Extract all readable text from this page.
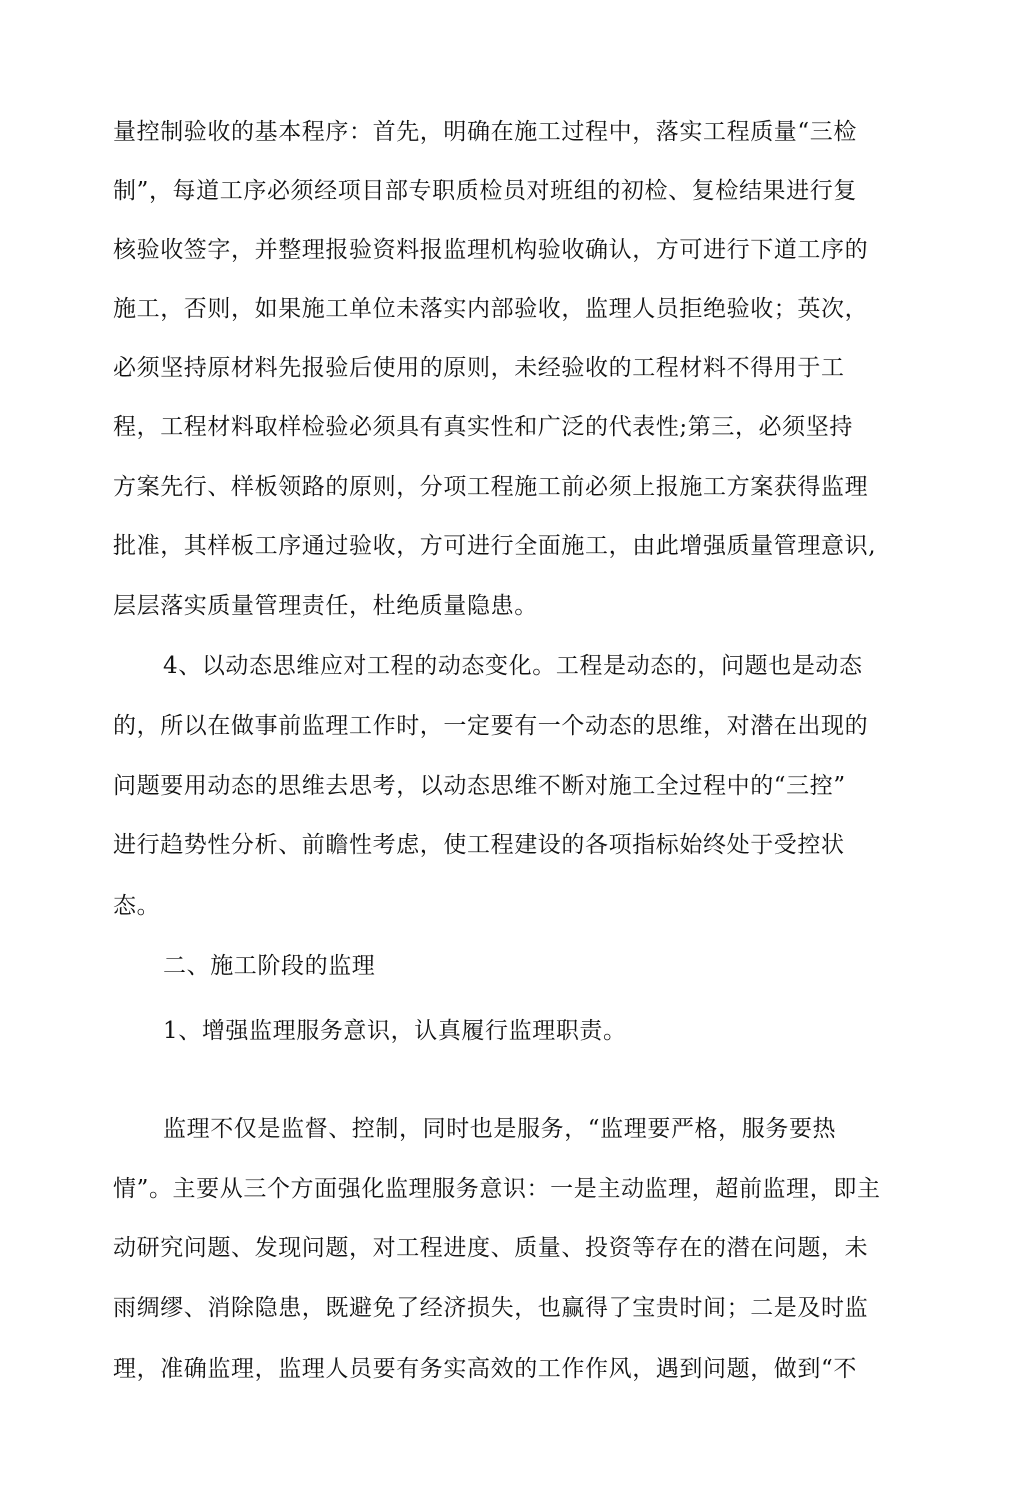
量控制验收的基本程序：首先，明确在施工过程中，落实工程质量“三检
制”，每道工序必须经项目部专职质检员对班组的初检、复检结果进行复
核验收签字，并整理报验资料报监理机构验收确认，方可进行下道工序的
施工，否则，如果施工单位未落实内部验收，监理人员拒绝验收；英次，
必须坚持原材料先报验后使用的原则，未经验收的工程材料不得用于工
程，工程材料取样检验必须具有真实性和广泛的代表性;第三，必须坚持
方案先行、样板领路的原则，分项工程施工前必须上报施工方案获得监理
批准，其样板工序通过验收，方可进行全面施工，由此增强质量管理意识,
层层落实质量管理责任，杜绝质量隐患。
4、以动态思维应对工程的动态变化。工程是动态的，问题也是动态
的，所以在做事前监理工作时，一定要有一个动态的思维，对潜在出现的
问题要用动态的思维去思考，以动态思维不断对施工全过程中的“三控”
进行趋势性分析、前瞻性考虑，使工程建设的各项指标始终处于受控状
态。
二、施工阶段的监理
1、增强监理服务意识，认真履行监理职责。
监理不仅是监督、控制，同时也是服务，“监理要严格，服务要热
情”。主要从三个方面强化监理服务意识：一是主动监理，超前监理，即主
动研究问题、发现问题，对工程进度、质量、投资等存在的潜在问题，未
雨绸缪、消除隐患，既避免了经济损失，也赢得了宝贵时间；二是及时监
理，准确监理，监理人员要有务实高效的工作作风，遇到问题，做到“不
